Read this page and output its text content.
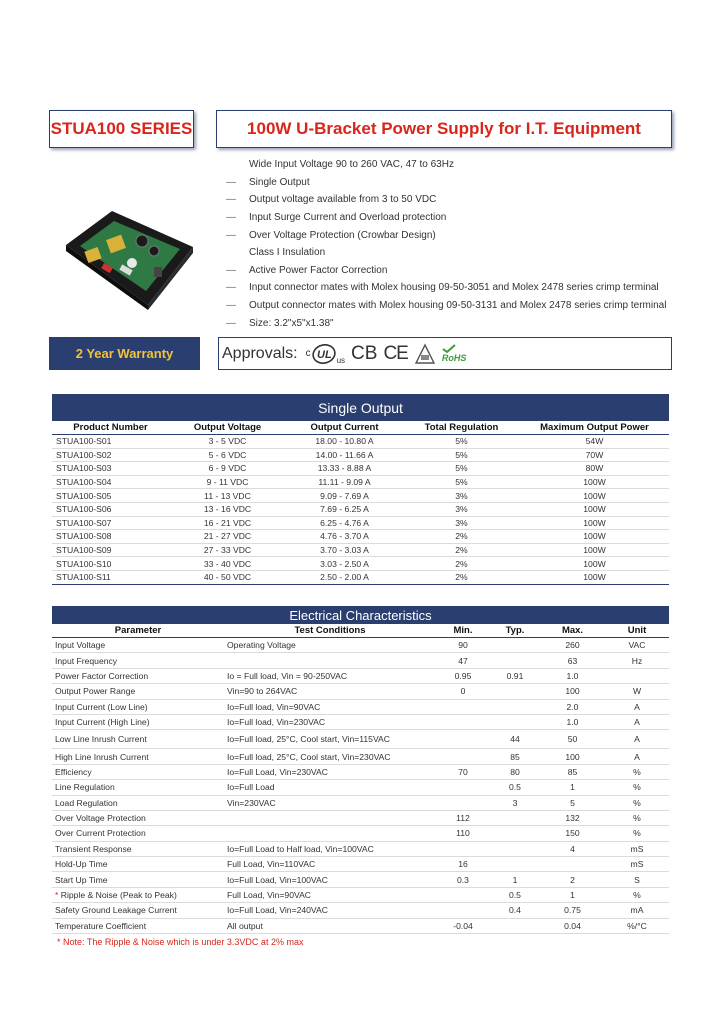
STUA100 SERIES	100W U-Bracket Power Supply for I.T. Equipment
Wide Input Voltage 90 to 260 VAC, 47 to 63Hz
—	Single Output
—	Output voltage available from 3 to 50 VDC
—	Input Surge Current and Overload protection
—	Over Voltage Protection (Crowbar Design)
Class I Insulation
—	Active Power Factor Correction
—	Input connector mates with Molex housing 09-50-3051 and Molex 2478 series crimp terminal
—	Output connector mates with Molex housing 09-50-3131 and Molex 2478 series crimp terminal
—	Size: 3.2"x5"x1.38"
2 Year Warranty	Approvals: c UL us CB CE	RoHS
Single Output				
Product Number	Output Voltage	Output Current	Total Regulation	Maximum Output Power
STUA100-S01	3 - 5 VDC	18.00 - 10.80 A	5%	54W
STUA100-S02	5 - 6 VDC	14.00 - 11.66 A	5%	70W
STUA100-S03	6 - 9 VDC	13.33 - 8.88 A	5%	80W
STUA100-S04	9 - 11 VDC	11.11 - 9.09 A	5%	100W
STUA100-S05	11 - 13 VDC	9.09 - 7.69 A	3%	100W
STUA100-S06	13 - 16 VDC	7.69 - 6.25 A	3%	100W
STUA100-S07	16 - 21 VDC	6.25 - 4.76 A	3%	100W
STUA100-S08	21 - 27 VDC	4.76 - 3.70 A	2%	100W
STUA100-S09	27 - 33 VDC	3.70 - 3.03 A	2%	100W
STUA100-S10	33 - 40 VDC	3.03 - 2.50 A	2%	100W
STUA100-S11	40 - 50 VDC	2.50 - 2.00 A	2%	100W
Electrical Characteristics					
Parameter	Test Conditions	Min.	Typ.	Max.	Unit
Input Voltage	Operating Voltage	90		260	VAC
Input Frequency		47		63	Hz
Power Factor Correction	Io = Full load, Vin = 90-250VAC	0.95	0.91	1.0	
Output Power Range	Vin=90 to 264VAC	0		100	W
Input Current (Low Line)	Io=Full load, Vin=90VAC			2.0	A
Input Current (High Line)	Io=Full load, Vin=230VAC			1.0	A
Low Line Inrush Current	Io=Full load, 25°C, Cool start, Vin=115VAC		44	50	A
High Line Inrush Current	Io=Full load, 25°C, Cool start, Vin=230VAC		85	100	A
Efficiency	Io=Full Load, Vin=230VAC	70	80	85	%
Line Regulation	Io=Full Load		0.5	1	%
Load Regulation	Vin=230VAC		3	5	%
Over Voltage Protection		112		132	%
Over Current Protection		110		150	%
Transient Response	Io=Full Load to Half load, Vin=100VAC			4	mS
Hold-Up Time	Full Load, Vin=110VAC	16			mS
Start Up Time	Io=Full Load, Vin=100VAC	0.3	1	2	S
* Ripple & Noise (Peak to Peak)	Full Load, Vin=90VAC		0.5	1	%
Safety Ground Leakage Current	Io=Full Load, Vin=240VAC		0.4	0.75	mA
Temperature Coefficient	All output	-0.04		0.04	%/°C
* Note: The Ripple & Noise which is under 3.3VDC at 2% max
